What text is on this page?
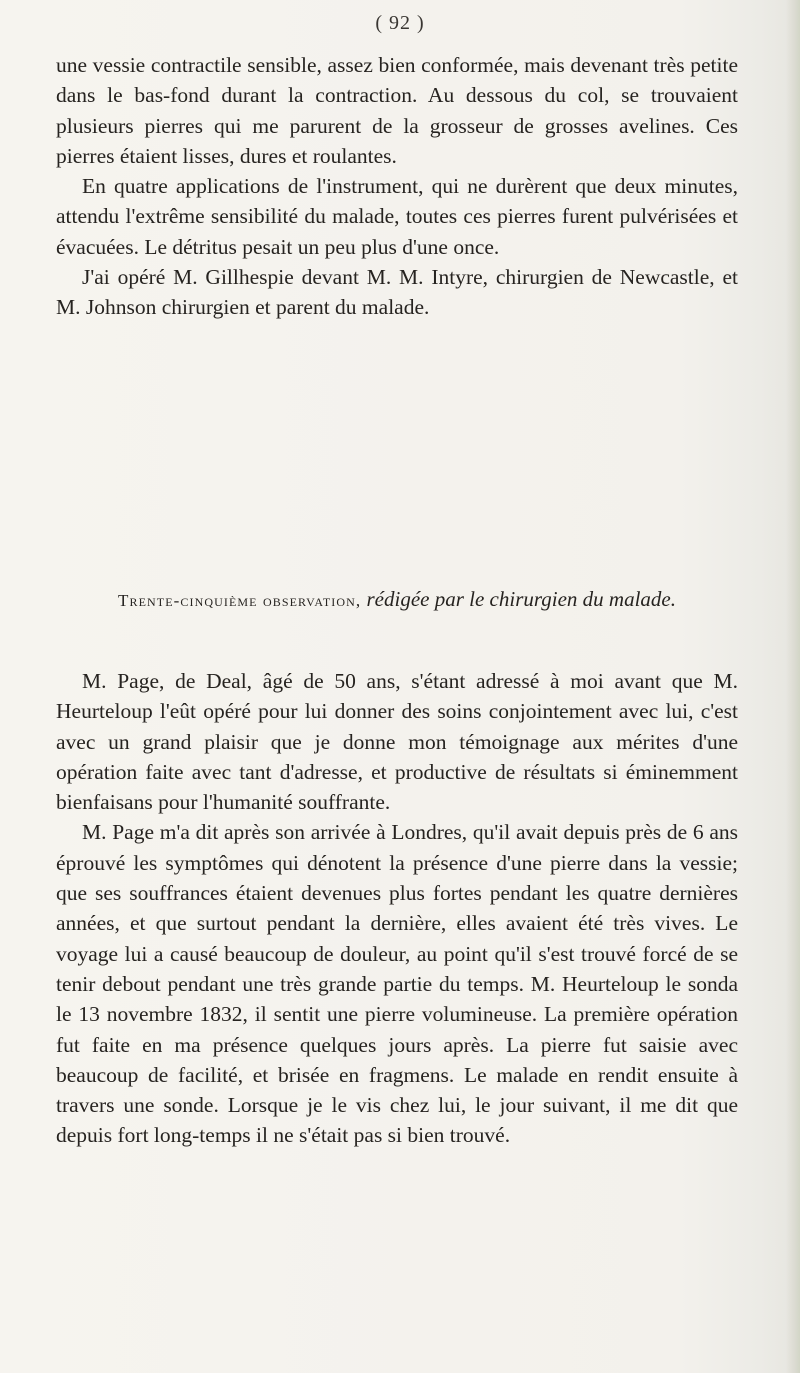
( 92 )

une vessie contractile sensible, assez bien conformée, mais devenant très petite dans le bas-fond durant la contraction. Au dessous du col, se trouvaient plusieurs pierres qui me parurent de la grosseur de grosses avelines. Ces pierres étaient lisses, dures et roulantes.

En quatre applications de l'instrument, qui ne durèrent que deux minutes, attendu l'extrême sensibilité du malade, toutes ces pierres furent pulvérisées et évacuées. Le détritus pesait un peu plus d'une once.

J'ai opéré M. Gillhespie devant M. M. Intyre, chirurgien de Newcastle, et M. Johnson chirurgien et parent du malade.

Trente-cinquième observation, rédigée par le chirurgien du malade.

M. Page, de Deal, âgé de 50 ans, s'étant adressé à moi avant que M. Heurteloup l'eût opéré pour lui donner des soins conjointement avec lui, c'est avec un grand plaisir que je donne mon témoignage aux mérites d'une opération faite avec tant d'adresse, et productive de résultats si éminemment bienfaisans pour l'humanité souffrante.

M. Page m'a dit après son arrivée à Londres, qu'il avait depuis près de 6 ans éprouvé les symptômes qui dénotent la présence d'une pierre dans la vessie; que ses souffrances étaient devenues plus fortes pendant les quatre dernières années, et que surtout pendant la dernière, elles avaient été très vives. Le voyage lui a causé beaucoup de douleur, au point qu'il s'est trouvé forcé de se tenir debout pendant une très grande partie du temps. M. Heurteloup le sonda le 13 novembre 1832, il sentit une pierre volumineuse. La première opération fut faite en ma présence quelques jours après. La pierre fut saisie avec beaucoup de facilité, et brisée en fragmens. Le malade en rendit ensuite à travers une sonde. Lorsque je le vis chez lui, le jour suivant, il me dit que depuis fort long-temps il ne s'était pas si bien trouvé.
